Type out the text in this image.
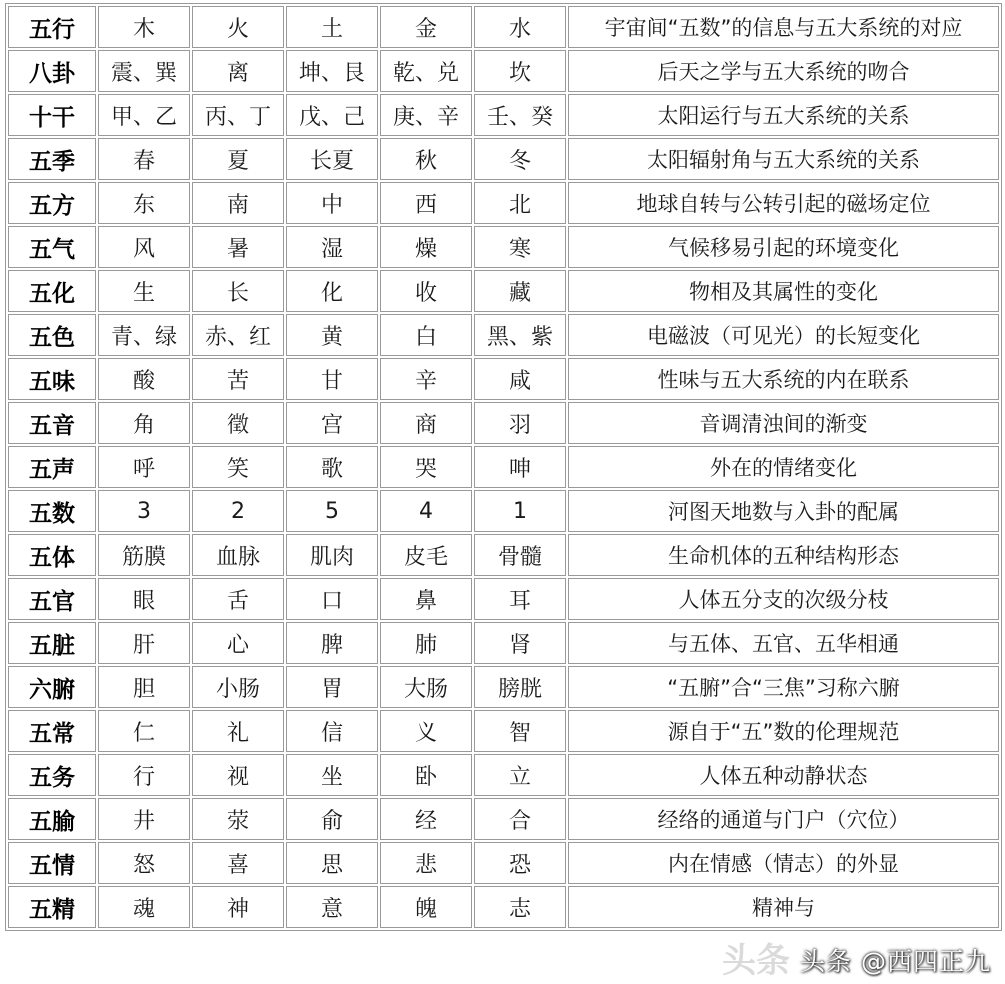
五行	木	火	土	金	水	宇宙间“五数”的信息与五大系统的对应
八卦	震、巽	离	坤、艮	乾、兑	坎	后天之学与五大系统的吻合
十干	甲、乙	丙、丁	戊、己	庚、辛	壬、癸	太阳运行与五大系统的关系
五季	春	夏	长夏	秋	冬	太阳辐射角与五大系统的关系
五方	东	南	中	西	北	地球自转与公转引起的磁场定位
五气	风	暑	湿	燥	寒	气候移易引起的环境变化
五化	生	长	化	收	藏	物相及其属性的变化
五色	青、绿	赤、红	黄	白	黑、紫	电磁波（可见光）的长短变化
五味	酸	苦	甘	辛	咸	性味与五大系统的内在联系
五音	角	徵	宫	商	羽	音调清浊间的渐变
五声	呼	笑	歌	哭	呻	外在的情绪变化
五数	3	2	5	4	1	河图天地数与入卦的配属
五体	筋膜	血脉	肌肉	皮毛	骨髓	生命机体的五种结构形态
五官	眼	舌	口	鼻	耳	人体五分支的次级分枝
五脏	肝	心	脾	肺	肾	与五体、五官、五华相通
六腑	胆	小肠	胃	大肠	膀胱	“五腑”合“三焦”习称六腑
五常	仁	礼	信	义	智	源自于“五”数的伦理规范
五务	行	视	坐	卧	立	人体五种动静状态
五腧	井	荥	俞	经	合	经络的通道与门户（穴位）
五情	怒	喜	思	悲	恐	内在情感（情志）的外显
五精	魂	神	意	魄	志	精神与
头条 头条 @西四正九
